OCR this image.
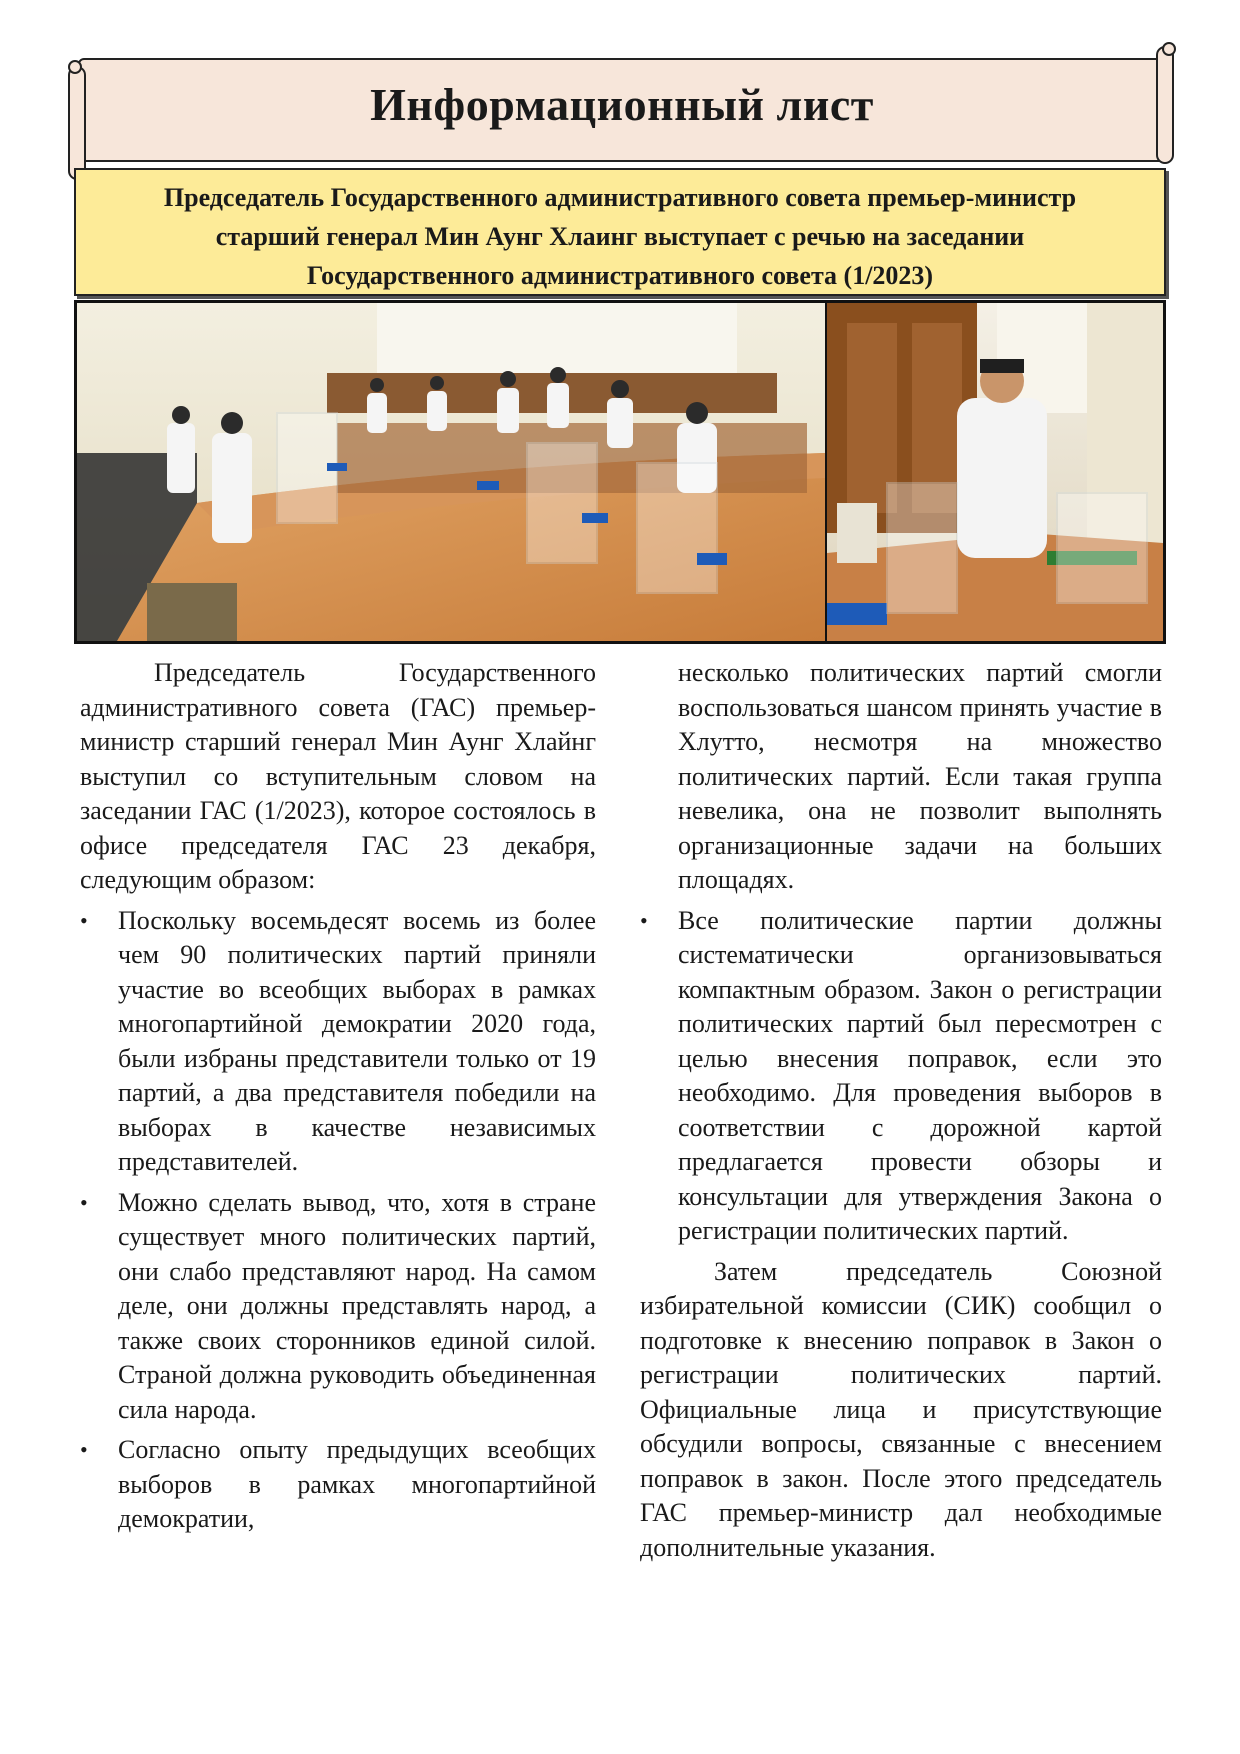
Информационный лист
Председатель Государственного административного совета премьер-министр старший генерал Мин Аунг Хлаинг выступает с речью на заседании Государственного административного совета (1/2023)

Председатель Государственного административного совета (ГАС) премьер-министр старший генерал Мин Аунг Хлайнг выступил со вступительным словом на заседании ГАС (1/2023), которое состоялось в офисе председателя ГАС 23 декабря, следующим образом:

• Поскольку восемьдесят восемь из более чем 90 политических партий приняли участие во всеобщих выборах в рамках многопартийной демократии 2020 года, были избраны представители только от 19 партий, а два представителя победили на выборах в качестве независимых представителей.
• Можно сделать вывод, что, хотя в стране существует много политических партий, они слабо представляют народ. На самом деле, они должны представлять народ, а также своих сторонников единой силой. Страной должна руководить объединенная сила народа.
• Согласно опыту предыдущих всеобщих выборов в рамках многопартийной демократии,

несколько политических партий смогли воспользоваться шансом принять участие в Хлутто, несмотря на множество политических партий. Если такая группа невелика, она не позволит выполнять организационные задачи на больших площадях.

• Все политические партии должны систематически организовываться компактным образом. Закон о регистрации политических партий был пересмотрен с целью внесения поправок, если это необходимо. Для проведения выборов в соответствии с дорожной картой предлагается провести обзоры и консультации для утверждения Закона о регистрации политических партий.

Затем председатель Союзной избирательной комиссии (СИК) сообщил о подготовке к внесению поправок в Закон о регистрации политических партий. Официальные лица и присутствующие обсудили вопросы, связанные с внесением поправок в закон. После этого председатель ГАС премьер-министр дал необходимые дополнительные указания.
